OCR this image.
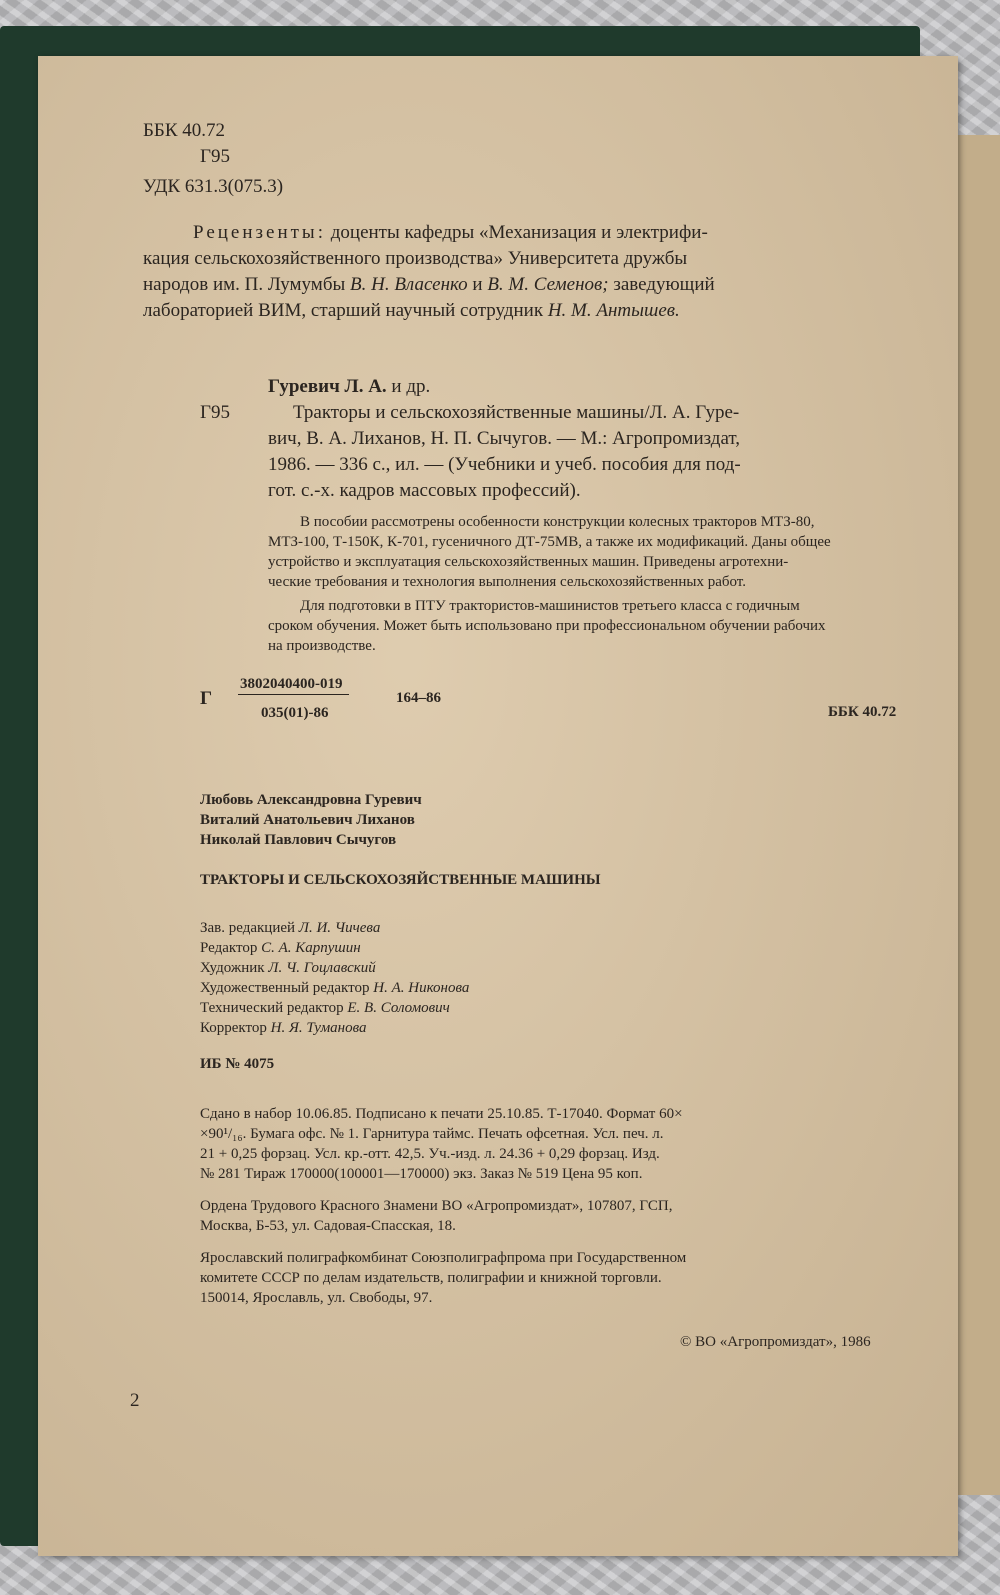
ББК 40.72
Г95
УДК 631.3(075.3)
Рецензенты: доценты кафедры «Механизация и электрифи-
кация сельскохозяйственного производства» Университета дружбы
народов им. П. Лумумбы В. Н. Власенко и В. М. Семенов; заведующий
лабораторией ВИМ, старший научный сотрудник Н. М. Антышев.
Гуревич Л. А. и др.
Г95	Тракторы и сельскохозяйственные машины/Л. А. Гуре-
вич, В. А. Лиханов, Н. П. Сычугов. — М.: Агропромиздат,
1986. — 336 с., ил. — (Учебники и учеб. пособия для под-
гот. с.-х. кадров массовых профессий).
В пособии рассмотрены особенности конструкции колесных тракторов МТЗ-80,
МТЗ-100, Т-150К, К-701, гусеничного ДТ-75МВ, а также их модификаций. Даны общее
устройство и эксплуатация сельскохозяйственных машин. Приведены агротехни-
ческие требования и технология выполнения сельскохозяйственных работ.
Для подготовки в ПТУ трактористов-машинистов третьего класса с годичным
сроком обучения. Может быть использовано при профессиональном обучении рабочих
на производстве.
Г
3802040400-019
035(01)-86
164–86
ББК 40.72
Любовь Александровна Гуревич
Виталий Анатольевич Лиханов
Николай Павлович Сычугов
ТРАКТОРЫ И СЕЛЬСКОХОЗЯЙСТВЕННЫЕ МАШИНЫ
Зав. редакцией Л. И. Чичева
Редактор С. А. Карпушин
Художник Л. Ч. Гоцлавский
Художественный редактор Н. А. Никонова
Технический редактор Е. В. Соломович
Корректор Н. Я. Туманова
ИБ № 4075
Сдано в набор 10.06.85. Подписано к печати 25.10.85. Т-17040. Формат 60×
×90¹/₁₆. Бумага офс. № 1. Гарнитура таймс. Печать офсетная. Усл. печ. л.
21 + 0,25 форзац. Усл. кр.-отт. 42,5. Уч.-изд. л. 24.36 + 0,29 форзац. Изд.
№ 281 Тираж 170000(100001—170000) экз. Заказ № 519 Цена 95 коп.
Ордена Трудового Красного Знамени ВО «Агропромиздат», 107807, ГСП,
Москва, Б-53, ул. Садовая-Спасская, 18.
Ярославский полиграфкомбинат Союзполиграфпрома при Государственном
комитете СССР по делам издательств, полиграфии и книжной торговли.
150014, Ярославль, ул. Свободы, 97.
© ВО «Агропромиздат», 1986
2
